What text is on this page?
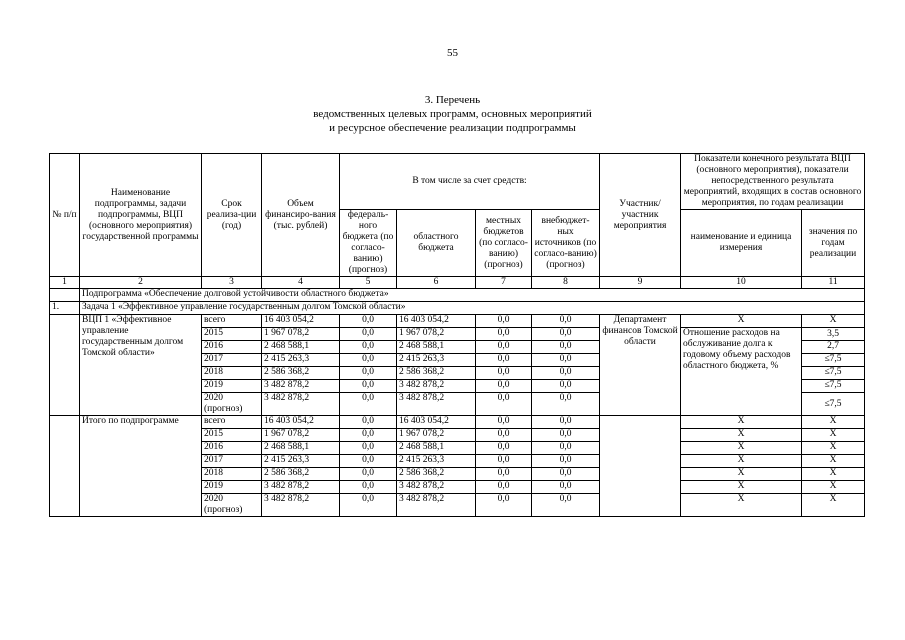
55
3. Перечень
ведомственных целевых программ, основных мероприятий
и ресурсное обеспечение реализации подпрограммы
№ п/п	Наименование подпрограммы, задачи подпрограммы, ВЦП (основного мероприятия) государственной программы	Срок реализа-ции (год)	Объем финансиро-вания (тыс. рублей)	В том числе за счет средств:				Участник/ участник мероприятия	Показатели конечного результата ВЦП (основного мероприятия), показатели непосредственного результата мероприятий, входящих в состав основного мероприятия, по годам реализации	
				федераль-ного бюджета (по согласо-ванию) (прогноз)	областного бюджета	местных бюджетов (по согласо-ванию) (прогноз)	внебюджет-ных источников (по согласо-ванию) (прогноз)		наименование и единица измерения	значения по годам реализации
1	2	3	4	5	6	7	8	9	10	11
	Подпрограмма «Обеспечение долговой устойчивости областного бюджета»									
1.	Задача 1 «Эффективное управление государственным долгом Томской области»									
	ВЦП 1 «Эффективное управление государственным долгом Томской области»	всего	16 403 054,2	0,0	16 403 054,2	0,0	0,0	Департамент финансов Томской области	Х	Х
		2015	1 967 078,2	0,0	1 967 078,2	0,0	0,0		Отношение расходов на обслуживание долга к годовому объему расходов областного бюджета, %	3,5
		2016	2 468 588,1	0,0	2 468 588,1	0,0	0,0			2,7
		2017	2 415 263,3	0,0	2 415 263,3	0,0	0,0			≤7,5
		2018	2 586 368,2	0,0	2 586 368,2	0,0	0,0			≤7,5
		2019	3 482 878,2	0,0	3 482 878,2	0,0	0,0			≤7,5
		2020 (прогноз)	3 482 878,2	0,0	3 482 878,2	0,0	0,0			≤7,5
	Итого по подпрограмме	всего	16 403 054,2	0,0	16 403 054,2	0,0	0,0		Х	Х
		2015	1 967 078,2	0,0	1 967 078,2	0,0	0,0		Х	Х
		2016	2 468 588,1	0,0	2 468 588,1	0,0	0,0		Х	Х
		2017	2 415 263,3	0,0	2 415 263,3	0,0	0,0		Х	Х
		2018	2 586 368,2	0,0	2 586 368,2	0,0	0,0		Х	Х
		2019	3 482 878,2	0,0	3 482 878,2	0,0	0,0		Х	Х
		2020 (прогноз)	3 482 878,2	0,0	3 482 878,2	0,0	0,0		Х	Х
